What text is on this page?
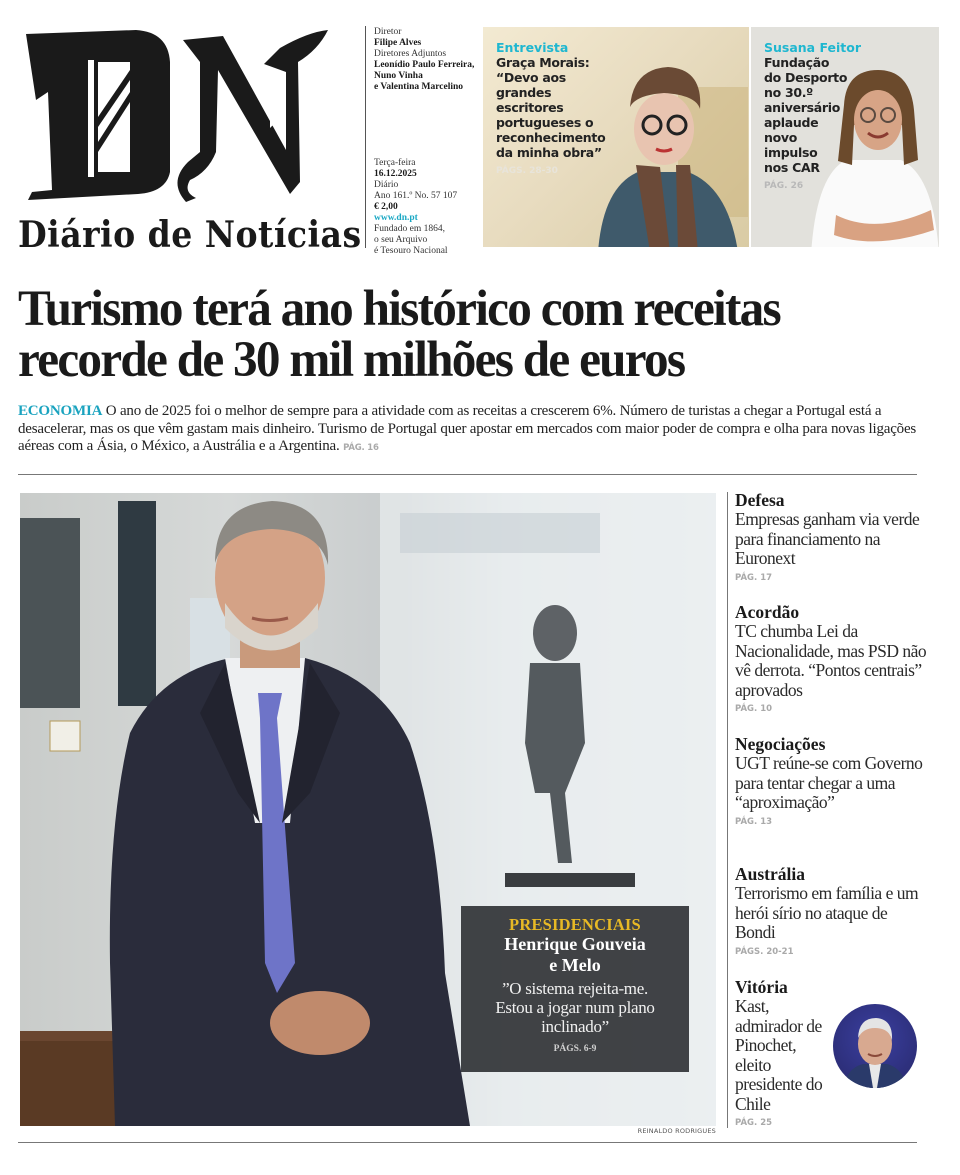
Diário de Notícias
Diretor
Filipe Alves
Diretores Adjuntos
Leonídio Paulo Ferreira,
Nuno Vinha
e Valentina Marcelino
Terça-feira
16.12.2025
Diário
Ano 161.º No. 57 107
€ 2,00
www.dn.pt
Fundado em 1864,
o seu Arquivo
é Tesouro Nacional
Entrevista
Graça Morais:
“Devo aos
grandes
escritores
portugueses o
reconhecimento
da minha obra”
PÁGS. 28-30
Susana Feitor
Fundação
do Desporto
no 30.º
aniversário
aplaude
novo
impulso
nos CAR
PÁG. 26
Turismo terá ano histórico com receitas
recorde de 30 mil milhões de euros

ECONOMIA O ano de 2025 foi o melhor de sempre para a atividade com as receitas a crescerem 6%. Número de turistas a chegar a Portugal está a desacelerar, mas os que vêm gastam mais dinheiro. Turismo de Portugal quer apostar em mercados com maior poder de compra e olha para novas ligações aéreas com a Ásia, o México, a Austrália e a Argentina. PÁG. 16

PRESIDENCIAIS
Henrique Gouveia
e Melo
”O sistema rejeita-me.
Estou a jogar num plano
inclinado”
PÁGS. 6-9
REINALDO RODRIGUES
Defesa
Empresas ganham via verde para financiamento na Euronext
PÁG. 17
Acordão
TC chumba Lei da Nacionalidade, mas PSD não vê derrota. “Pontos centrais” aprovados
PÁG. 10
Negociações
UGT reúne-se com Governo para tentar chegar a uma “aproximação”
PÁG. 13
Austrália
Terrorismo em família e um herói sírio no ataque de Bondi
PÁGS. 20-21
Vitória
Kast, admirador de Pinochet, eleito presidente do Chile
PÁG. 25
